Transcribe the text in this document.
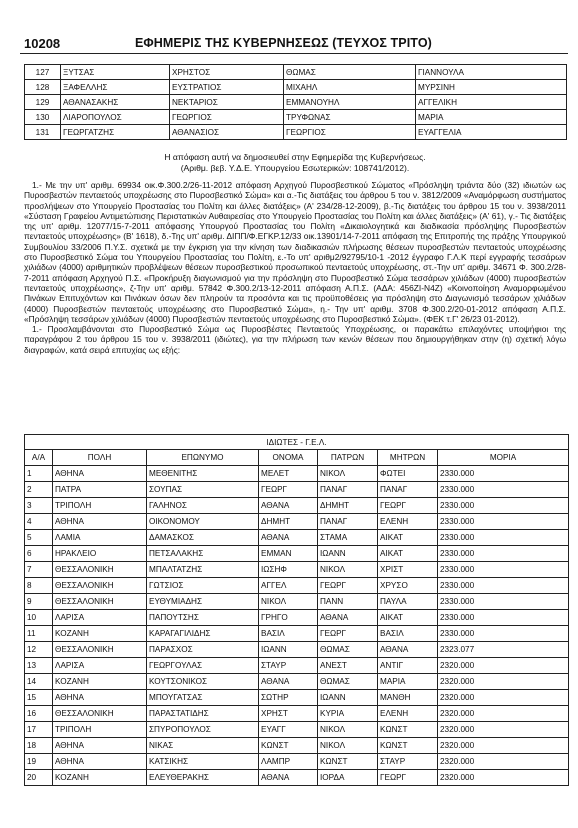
10208	ΕΦΗΜΕΡΙΣ ΤΗΣ ΚΥΒΕΡΝΗΣΕΩΣ (ΤΕΥΧΟΣ ΤΡΙΤΟ)
127	ΞΥΤΣΑΣ	ΧΡΗΣΤΟΣ	ΘΩΜΑΣ	ΓΙΑΝΝΟΥΛΑ
128	ΞΑΦΕΛΛΗΣ	ΕΥΣΤΡΑΤΙΟΣ	ΜΙΧΑΗΛ	ΜΥΡΣΙΝΗ
129	ΑΘΑΝΑΣΑΚΗΣ	ΝΕΚΤΑΡΙΟΣ	ΕΜΜΑΝΟΥΗΛ	ΑΓΓΕΛΙΚΗ
130	ΛΙΑΡΟΠΟΥΛΟΣ	ΓΕΩΡΓΙΟΣ	ΤΡΥΦΩΝΑΣ	ΜΑΡΙΑ
131	ΓΕΩΡΓΑΤΖΗΣ	ΑΘΑΝΑΣΙΟΣ	ΓΕΩΡΓΙΟΣ	ΕΥΑΓΓΕΛΙΑ
Η απόφαση αυτή να δημοσιευθεί στην Εφημερίδα της Κυβερνήσεως.
(Αριθμ. βεβ. Υ.Δ.Ε. Υπουργείου Εσωτερικών: 108741/2012).

1.- Με την υπ' αριθμ. 69934 οικ.Φ.300.2/26-11-2012 απόφαση Αρχηγού Πυροσβεστικού Σώματος «Πρόσληψη τριάντα δύο (32) ιδιωτών ως Πυροσβεστών πενταετούς υποχρέωσης στο Πυροσβεστικό Σώμα» και α.-Τις διατάξεις του άρθρου 5 του ν. 3812/2009 «Αναμόρφωση συστήματος προσλήψεων στο Υπουργείο Προστασίας του Πολίτη και άλλες διατάξεις» (Α' 234/28-12-2009), β.-Τις διατάξεις του άρθρου 15 του ν. 3938/2011 «Σύσταση Γραφείου Αντιμετώπισης Περιστατικών Αυθαιρεσίας στο Υπουργείο Προστασίας του Πολίτη και άλλες διατάξεις» (Α' 61), γ.- Τις διατάξεις της υπ' αριθμ. 12077/15-7-2011 απόφασης Υπουργού Προστασίας του Πολίτη «Δικαιολογητικά και διαδικασία πρόσληψης Πυροσβεστών πενταετούς υποχρέωσης» (Β' 1618), δ.-Της υπ' αριθμ. ΔΙΠΠ/Φ.ΕΓΚΡ.12/33 οικ.13901/14-7-2011 απόφαση της Επιτροπής της πράξης Υπουργικού Συμβουλίου 33/2006 Π.Υ.Σ. σχετικά με την έγκριση για την κίνηση των διαδικασιών πλήρωσης θέσεων πυροσβεστών πενταετούς υποχρέωσης στο Πυροσβεστικό Σώμα του Υπουργείου Προστασίας του Πολίτη, ε.-Το υπ' αριθμ2/92795/10-1 -2012 έγγραφο Γ.Λ.Κ περί εγγραφής τεσσάρων χιλιάδων (4000) αριθμητικών προβλέψεων θέσεων πυροσβεστικού προσωπικού πενταετούς υποχρέωσης, στ.-Την υπ' αριθμ. 34671 Φ. 300.2/28-7-2011 απόφαση Αρχηγού Π.Σ. «Προκήρυξη διαγωνισμού για την πρόσληψη στο Πυροσβεστικό Σώμα τεσσάρων χιλιάδων (4000) πυροσβεστών πενταετούς υποχρέωσης», ζ-Την υπ' αριθμ. 57842 Φ.300.2/13-12-2011 απόφαση Α.Π.Σ. (ΑΔΑ: 456ΖΙ-Ν4Ζ) «Κοινοποίηση Αναμορφωμένου Πινάκων Επιτυχόντων και Πινάκων όσων δεν πληρούν τα προσόντα και τις προϋποθέσεις για πρόσληψη στο Διαγωνισμό τεσσάρων χιλιάδων (4000) Πυροσβεστών πενταετούς υποχρέωσης στο Πυροσβεστικό Σώμα», η.- Την υπ' αριθμ. 3708 Φ.300.2/20-01-2012 απόφαση Α.Π.Σ. «Πρόσληψη τεσσάρων χιλιάδων (4000) Πυροσβεστών πενταετούς υποχρέωσης στο Πυροσβεστικό Σώμα». (ΦΕΚ τ.Γ' 26/23 01-2012).

1.- Προσλαμβάνονται στο Πυροσβεστικό Σώμα ως Πυροσβέστες Πενταετούς Υποχρέωσης, οι παρακάτω επιλαχόντες υποψήφιοι της παραγράφου 2 του άρθρου 15 του ν. 3938/2011 (ιδιώτες), για την πλήρωση των κενών θέσεων που δημιουργήθηκαν στην (η) σχετική λόγω διαγραφών, κατά σειρά επιτυχίας ως εξής:

ΙΔΙΩΤΕΣ - Γ.Ε.Λ.						
Α/Α	ΠΟΛΗ	ΕΠΩΝΥΜΟ	ΟΝΟΜΑ	ΠΑΤΡΩΝ	ΜΗΤΡΩΝ	ΜΟΡΙΑ
1	ΑΘΗΝΑ	ΜΕΘΕΝΙΤΗΣ	ΜΕΛΕΤ	ΝΙΚΟΛ	ΦΩΤΕΙ	2330.000
2	ΠΑΤΡΑ	ΣΟΥΠΑΣ	ΓΕΩΡΓ	ΠΑΝΑΓ	ΠΑΝΑΓ	2330.000
3	ΤΡΙΠΟΛΗ	ΓΑΛΗΝΟΣ	ΑΘΑΝΑ	ΔΗΜΗΤ	ΓΕΩΡΓ	2330.000
4	ΑΘΗΝΑ	ΟΙΚΟΝΟΜΟΥ	ΔΗΜΗΤ	ΠΑΝΑΓ	ΕΛΕΝΗ	2330.000
5	ΛΑΜΙΑ	ΔΑΜΑΣΚΟΣ	ΑΘΑΝΑ	ΣΤΑΜΑ	ΑΙΚΑΤ	2330.000
6	ΗΡΑΚΛΕΙΟ	ΠΕΤΣΑΛΑΚΗΣ	ΕΜΜΑΝ	ΙΩΑΝΝ	ΑΙΚΑΤ	2330.000
7	ΘΕΣΣΑΛΟΝΙΚΗ	ΜΠΑΛΤΑΤΖΗΣ	ΙΩΣΗΦ	ΝΙΚΟΛ	ΧΡΙΣΤ	2330.000
8	ΘΕΣΣΑΛΟΝΙΚΗ	ΓΩΤΣΙΟΣ	ΑΓΓΕΛ	ΓΕΩΡΓ	ΧΡΥΣΟ	2330.000
9	ΘΕΣΣΑΛΟΝΙΚΗ	ΕΥΘΥΜΙΑΔΗΣ	ΝΙΚΟΛ	ΠΑΝΝ	ΠΑΥΛΑ	2330.000
10	ΛΑΡΙΣΑ	ΠΑΠΟΥΤΣΗΣ	ΓΡΗΓΟ	ΑΘΑΝΑ	ΑΙΚΑΤ	2330.000
11	ΚΟΖΑΝΗ	ΚΑΡΑΓΑΓΙΛΙΔΗΣ	ΒΑΣΙΛ	ΓΕΩΡΓ	ΒΑΣΙΛ	2330.000
12	ΘΕΣΣΑΛΟΝΙΚΗ	ΠΑΡΑΣΧΟΣ	ΙΩΑΝΝ	ΘΩΜΑΣ	ΑΘΑΝΑ	2323.077
13	ΛΑΡΙΣΑ	ΓΕΩΡΓΟΥΛΑΣ	ΣΤΑΥΡ	ΑΝΕΣΤ	ΑΝΤΙΓ	2320.000
14	ΚΟΖΑΝΗ	ΚΟΥΤΣΟΝΙΚΟΣ	ΑΘΑΝΑ	ΘΩΜΑΣ	ΜΑΡΙΑ	2320.000
15	ΑΘΗΝΑ	ΜΠΟΥΓΑΤΣΑΣ	ΣΩΤΗΡ	ΙΩΑΝΝ	ΜΑΝΘΗ	2320.000
16	ΘΕΣΣΑΛΟΝΙΚΗ	ΠΑΡΑΣΤΑΤΙΔΗΣ	ΧΡΗΣΤ	ΚΥΡΙΑ	ΕΛΕΝΗ	2320.000
17	ΤΡΙΠΟΛΗ	ΣΠΥΡΟΠΟΥΛΟΣ	ΕΥΑΓΓ	ΝΙΚΟΛ	ΚΩΝΣΤ	2320.000
18	ΑΘΗΝΑ	ΝΙΚΑΣ	ΚΩΝΣΤ	ΝΙΚΟΛ	ΚΩΝΣΤ	2320.000
19	ΑΘΗΝΑ	ΚΑΤΣΙΚΗΣ	ΛΑΜΠΡ	ΚΩΝΣΤ	ΣΤΑΥΡ	2320.000
20	ΚΟΖΑΝΗ	ΕΛΕΥΘΕΡΑΚΗΣ	ΑΘΑΝΑ	ΙΟΡΔΑ	ΓΕΩΡΓ	2320.000
